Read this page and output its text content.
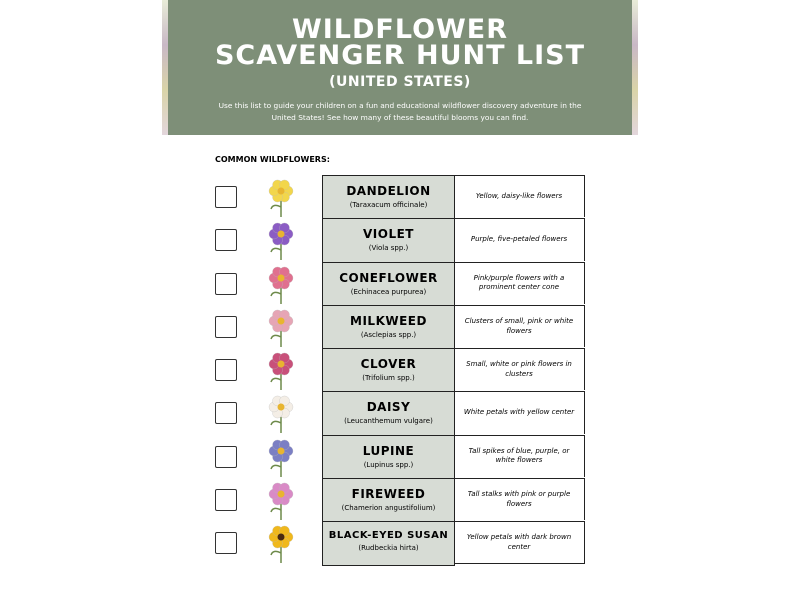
WILDFLOWER
SCAVENGER HUNT LIST
(UNITED STATES)
Use this list to guide your children on a fun and educational wildflower discovery adventure in the United States! See how many of these beautiful blooms you can find.
COMMON WILDFLOWERS:
DANDELION
(Taraxacum officinale)
Yellow, daisy-like flowers
VIOLET
(Viola spp.)
Purple, five-petaled flowers
CONEFLOWER
(Echinacea purpurea)
Pink/purple flowers with a prominent center cone
MILKWEED
(Asclepias spp.)
Clusters of small, pink or white flowers
CLOVER
(Trifolium spp.)
Small, white or pink flowers in clusters
DAISY
(Leucanthemum vulgare)
White petals with yellow center
LUPINE
(Lupinus spp.)
Tall spikes of blue, purple, or white flowers
FIREWEED
(Chamerion angustifolium)
Tall stalks with pink or purple flowers
BLACK-EYED SUSAN
(Rudbeckia hirta)
Yellow petals with dark brown center
